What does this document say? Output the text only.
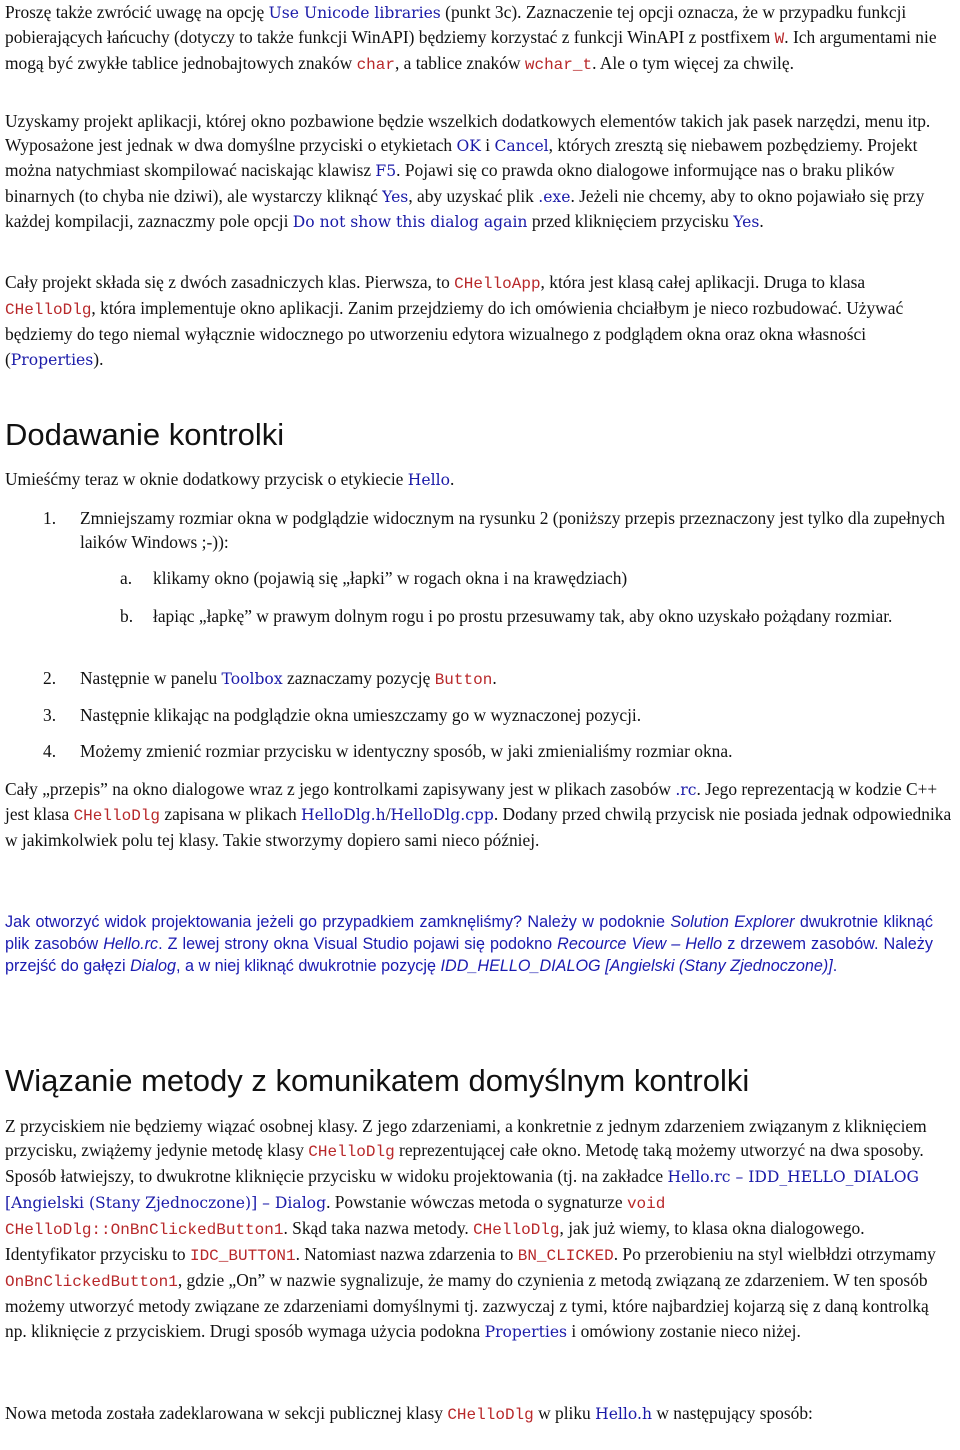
Proszę także zwrócić uwagę na opcję Use Unicode libraries (punkt 3c). Zaznaczenie tej opcji oznacza, że w przypadku funkcji pobierających łańcuchy (dotyczy to także funkcji WinAPI) będziemy korzystać z funkcji WinAPI z postfixem W. Ich argumentami nie mogą być zwykłe tablice jednobajtowych znaków char, a tablice znaków wchar_t. Ale o tym więcej za chwilę.

Uzyskamy projekt aplikacji, której okno pozbawione będzie wszelkich dodatkowych elementów takich jak pasek narzędzi, menu itp. Wyposażone jest jednak w dwa domyślne przyciski o etykietach OK i Cancel, których zresztą się niebawem pozbędziemy. Projekt można natychmiast skompilować naciskając klawisz F5. Pojawi się co prawda okno dialogowe informujące nas o braku plików binarnych (to chyba nie dziwi), ale wystarczy kliknąć Yes, aby uzyskać plik .exe. Jeżeli nie chcemy, aby to okno pojawiało się przy każdej kompilacji, zaznaczmy pole opcji Do not show this dialog again przed kliknięciem przycisku Yes.

Cały projekt składa się z dwóch zasadniczych klas. Pierwsza, to CHelloApp, która jest klasą całej aplikacji. Druga to klasa CHelloDlg, która implementuje okno aplikacji. Zanim przejdziemy do ich omówienia chciałbym je nieco rozbudować. Używać będziemy do tego niemal wyłącznie widocznego po utworzeniu edytora wizualnego z podglądem okna oraz okna własności (Properties).

Dodawanie kontrolki

Umieśćmy teraz w oknie dodatkowy przycisk o etykiecie Hello.

1. Zmniejszamy rozmiar okna w podglądzie widocznym na rysunku 2 (poniższy przepis przeznaczony jest tylko dla zupełnych laików Windows ;-)):

a. klikamy okno (pojawią się „łapki” w rogach okna i na krawędziach)

b. łapiąc „łapkę” w prawym dolnym rogu i po prostu przesuwamy tak, aby okno uzyskało pożądany rozmiar.

2. Następnie w panelu Toolbox zaznaczamy pozycję Button.

3. Następnie klikając na podglądzie okna umieszczamy go w wyznaczonej pozycji.

4. Możemy zmienić rozmiar przycisku w identyczny sposób, w jaki zmienialiśmy rozmiar okna.

Cały „przepis” na okno dialogowe wraz z jego kontrolkami zapisywany jest w plikach zasobów .rc. Jego reprezentacją w kodzie C++ jest klasa CHelloDlg zapisana w plikach HelloDlg.h/HelloDlg.cpp. Dodany przed chwilą przycisk nie posiada jednak odpowiednika w jakimkolwiek polu tej klasy. Takie stworzymy dopiero sami nieco później.

Jak otworzyć widok projektowania jeżeli go przypadkiem zamknęliśmy? Należy w podoknie Solution Explorer dwukrotnie kliknąć plik zasobów Hello.rc. Z lewej strony okna Visual Studio pojawi się podokno Recource View – Hello z drzewem zasobów. Należy przejść do gałęzi Dialog, a w niej kliknąć dwukrotnie pozycję IDD_HELLO_DIALOG [Angielski (Stany Zjednoczone)].

Wiązanie metody z komunikatem domyślnym kontrolki

Z przyciskiem nie będziemy wiązać osobnej klasy. Z jego zdarzeniami, a konkretnie z jednym zdarzeniem związanym z kliknięciem przycisku, zwiążemy jedynie metodę klasy CHelloDlg reprezentującej całe okno. Metodę taką możemy utworzyć na dwa sposoby. Sposób łatwiejszy, to dwukrotne kliknięcie przycisku w widoku projektowania (tj. na zakładce Hello.rc – IDD_HELLO_DIALOG [Angielski (Stany Zjednoczone)] – Dialog. Powstanie wówczas metoda o sygnaturze void CHelloDlg::OnBnClickedButton1. Skąd taka nazwa metody. CHelloDlg, jak już wiemy, to klasa okna dialogowego. Identyfikator przycisku to IDC_BUTTON1. Natomiast nazwa zdarzenia to BN_CLICKED. Po przerobieniu na styl wielbłdzi otrzymamy OnBnClickedButton1, gdzie „On” w nazwie sygnalizuje, że mamy do czynienia z metodą związaną ze zdarzeniem. W ten sposób możemy utworzyć metody związane ze zdarzeniami domyślnymi tj. zazwyczaj z tymi, które najbardziej kojarzą się z daną kontrolką np. kliknięcie z przyciskiem. Drugi sposób wymaga użycia podokna Properties i omówiony zostanie nieco niżej.

Nowa metoda została zadeklarowana w sekcji publicznej klasy CHelloDlg w pliku Hello.h w następujący sposób:
